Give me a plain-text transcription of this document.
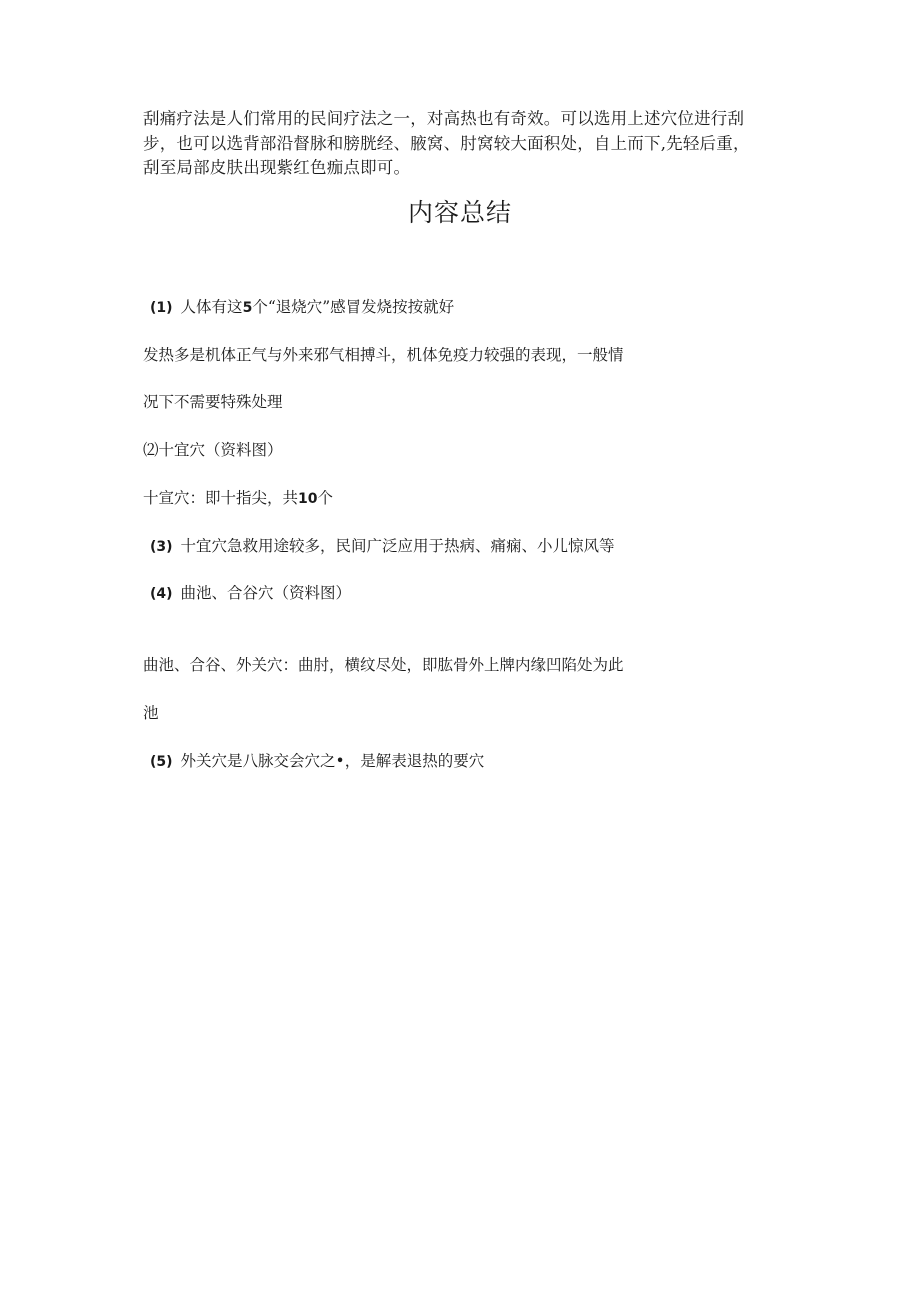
刮痛疗法是人们常用的民间疗法之一，对高热也有奇效。可以选用上述穴位进行刮
步，也可以选背部沿督脉和膀胱经、腋窝、肘窝较大面积处，自上而下,先轻后重，
刮至局部皮肤出现紫红色痂点即可。

内容总结

(1) 人体有这5个“退烧穴”感冒发烧按按就好

发热多是机体正气与外来邪气相搏斗，机体免疫力较强的表现，一般情

况下不需要特殊处理

⑵十宜穴（资料图）

十宣穴：即十指尖，共10个

(3) 十宜穴急救用途较多，民间广泛应用于热病、痛痫、小儿惊风等

(4) 曲池、合谷穴（资料图）

曲池、合谷、外关穴：曲肘，横纹尽处，即肱骨外上牌内缘凹陷处为此

池

(5) 外关穴是八脉交会穴之•，是解表退热的要穴
